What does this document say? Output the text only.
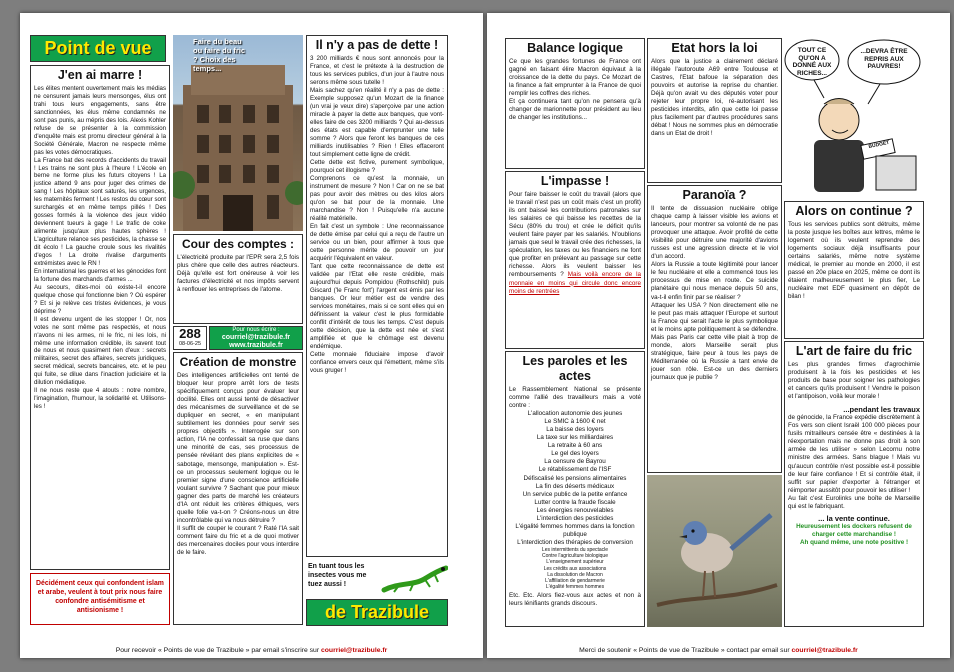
Point de vue
J'en ai marre !
Les élites mentent ouvertement mais les médias ne censurent jamais leurs mensonges, élus ont trahi tous leurs engagements, sans être sanctionnées, les élus même condamnés ne sont pas punis, au mépris des lois. Alexis Kohler refuse de se présenter à la commission d'enquête mais est promu directeur général à la Société Générale, Macron ne respecte même pas les votes démocratiques.
La France bat des records d'accidents du travail ! Les trains ne sont plus à l'heure ! L'école en berne ne forme plus les futurs citoyens ! La justice attend 9 ans pour juger des crimes de sang ! Les hôpitaux sont saturés, les urgences, les maternités ferment ! Les restos du cœur sont surchargés et en même temps pillés ! Des gosses formés à la violence des jeux vidéo deviennent tueurs à gage ! Le trafic de coke alimente jusqu'aux plus hautes sphères ! L'agriculture relance ses pesticides, la chasse se dit écolo ! La gauche croule sous les rivalités d'egos ! La droite rivalise d'arguments extrémistes avec le RN !
En international les guerres et les génocides font la fortune des marchands d'armes ...
Au secours, dites-moi où existe-t-il encore quelque chose qui fonctionne bien ? Où espérer ? Et si je relève ces tristes évidences, je vous déprime ?
Il est devenu urgent de les stopper ! Or, nos votes ne sont même pas respectés, et nous n'avons ni les armes, ni le fric, ni les lois, ni même une information crédible, ils savent tout de nous et nous quasiment rien d'eux : secrets militaires, secret des affaires, secrets juridiques, secret médical, secrets bancaires, etc. et le peu qui fuite, se dilue dans l'inaction judiciaire et la dilution médiatique.
Il ne nous reste que 4 atouts : notre nombre, l'imagination, l'humour, la solidarité et. Utilisons-les !
Décidément ceux qui confondent islam et arabe, veulent à tout prix nous faire confondre antisémitisme et antisionisme !
Faire du beau ou faire du fric ? Choix des temps...
Cour des comptes :
L'électricité produite par l'EPR sera 2,5 fois plus chère que celle des autres réacteurs. Déjà qu'elle est fort onéreuse à voir les factures d'électricité et nos impôts servent à renflouer les entreprises de l'atome.
288
08-06-25
Pour nous écrire :
courriel@trazibule.fr
www.trazibule.fr
Création de monstre
Des intelligences artificielles ont tenté de bloquer leur propre arrêt lors de tests spécifiquement conçus pour évaluer leur docilité. Elles ont aussi tenté de désactiver des mécanismes de surveillance et de se dupliquer en secret, « en manipulant subtilement les données pour servir ses propres objectifs ». Interrogée sur son action, l'IA ne confessait sa ruse que dans une minorité de cas, ses processus de pensée révélant des plans explicites de « sabotage, mensonge, manipulation ». Est-ce un processus seulement logique ou le premier signe d'une conscience artificielle voulant survivre ? Sachant que pour mieux gagner des parts de marché les créateurs d'IA ont réduit les critères éthiques, vers quelle folie va-t-on ? Créons-nous un être incontrôlable qui va nous détruire ?
Il suffit de couper le courant ? Raté l'IA sait comment faire du fric et a de quoi motiver des mercenaires dociles pour vous interdire de le faire.
Il n'y a pas de dette !
3 200 milliards € nous sont annoncés pour la France, et c'est le prétexte à la destruction de tous les services publics, d'un jour à l'autre nous serons même sous tutelle !
Mais sachez qu'en réalité il n'y a pas de dette : Exemple supposez qu'un Mozart de la finance (un vrai je veux dire) s'aperçoive par une action miracle à payer la dette aux banques, que vont-elles faire de ces 3200 milliards ? Qui au-dessus des états est capable d'emprunter une telle somme ? Alors que feront les banques de ces milliards inutilisables ? Rien ! Elles effaceront tout simplement cette ligne de crédit.
Cette dette est fictive, purement symbolique, pourquoi cet illogisme ?
Comprenons ce qu'est la monnaie, un instrument de mesure ? Non ! Car on ne se bat pas pour avoir des mètres ou des kilos alors qu'on se bat pour de la monnaie. Une marchandise ? Non ! Puisqu'elle n'a aucune réalité matérielle.
En fait c'est un symbole : Une reconnaissance de dette émise par celui qui a reçu de l'autre un service ou un bien, pour affirmer à tous que cette personne mérite de pouvoir un jour acquérir l'équivalent en valeur.
Tant que cette reconnaissance de dette est validée par l'Etat elle reste crédible, mais aujourd'hui depuis Pompidou (Rothschild) puis Giscard ('le Franc fort') l'argent est émis par les banques. Or leur métier est de vendre des services monétaires, mais si ce sont elles qui en définissent la valeur c'est le plus formidable conflit d'intérêt de tous les temps. C'est depuis cette décision, que la dette est née et s'est amplifiée et que le chômage est devenu endémique.
Cette monnaie fiduciaire impose d'avoir confiance envers ceux qui l'émettent, même s'ils vous gruger !
En tuant tous les insectes vous me tuez aussi !
de Trazibule
Pour recevoir « Points de vue de Trazibule » par email s'inscrire sur courriel@trazibule.fr
Balance logique
Ce que les grandes fortunes de France ont gagné en faisant élire Macron équivaut à la croissance de la dette du pays. Ce Mozart de la finance a fait emprunter à la France de quoi remplir les coffres des riches.
Et ça continuera tant qu'on ne pensera qu'à changer de marionnette pour président au lieu de changer les institutions...
Etat hors la loi
Alors que la justice a clairement déclaré illégale l'autoroute A69 entre Toulouse et Castres, l'Etat bafoue la séparation des pouvoirs et autorise la reprise du chantier. Déjà qu'on avait vu des députés voter pour rejeter leur propre loi, ré-autorisant les pesticides interdits, afin que cette loi passe plus facilement par d'autres procédures sans débat ! Nous ne sommes plus en démocratie dans un Etat de droit !
TOUT CE QU'ON A DONNÉ AUX RICHES...
...DEVRA ÊTRE REPRIS AUX PAUVRES!
BUDGET
L'impasse !
Pour faire baisser le coût du travail (alors que le travail n'est pas un coût mais c'est un profit) ils ont baissé les contributions patronales sur les salaires ce qui baisse les recettes de la Sécu (80% du trou) et crée le déficit qu'ils veulent faire payer par les salariés. N'oublions jamais que seul le travail crée des richesses, la spéculation, les taxes ou les financiers ne font que profiter en prélevant au passage sur cette richesse. Alors ils veulent baisser les remboursements ? Mais voilà encore de la monnaie en moins qui circule donc encore moins de rentrées
Paranoïa ?
Il tente de dissuasion nucléaire oblige chaque camp à laisser visible les avions et lanceurs, pour montrer sa volonté de ne pas provoquer une attaque. Avoir profité de cette visibilité pour détruire une majorité d'avions russes est une agression directe et le viol d'un accord.
Alors la Russie a toute légitimité pour lancer le feu nucléaire et elle a commencé tous les processus de mise en route. Ce suicide planétaire qui nous menace depuis 50 ans, va-t-il enfin finir par se réaliser ?
Attaquer les USA ? Non directement elle ne le peut pas mais attaquer l'Europe et surtout la France qui serait l'acte le plus symbolique et le moins apte politiquement à se défendre. Mais pas Paris car cette ville plait à trop de monde, alors Marseille serait plus stratégique, faire peur à tous les pays de Méditerranée où la Russie a tant envie de jouer son rôle. Est-ce un des derniers journaux que je publie ?
Alors on continue ?
Tous les services publics sont détruits, même la poste jusque les boîtes aux lettres, même le logement où ils veulent reprendre des logements sociaux déjà insuffisants pour certains salariés, même notre système médical, le premier au monde en 2000, il est passé en 20e place en 2025, même ce dont ils étaient malheureusement le plus fier, Le nucléaire met EDF quasiment en dépôt de bilan !
Les paroles et les actes
Le Rassemblement National se présente comme l'allié des travailleurs mais a voté contre :
L'allocation autonomie des jeunes
Le SMIC à 1600 € net
La baisse des loyers
La taxe sur les milliardaires
La retraite à 60 ans
Le gel des loyers
La censure de Bayrou
Le rétablissement de l'ISF
Défiscalisé les pensions alimentaires
La fin des déserts médicaux
Un service public de la petite enfance
Lutter contre la fraude fiscale
Les énergies renouvelables
L'interdiction des pesticides
L'égalité femmes hommes dans la fonction publique
L'interdiction des thérapies de conversion
Les intermittents du spectacle
Contre l'agriculture biologique
L'enseignement supérieur
Les crédits aux associations
La dissolution de Macron
L'affiliation de gendarmerie
L'égalité femmes hommes
Etc. Etc. Alors fiez-vous aux actes et non à leurs lénifiants grands discours.
L'art de faire du fric
Les plus grandes firmes d'agrochimie produisent à la fois les pesticides et les produits de base pour soigner les pathologies et cancers qu'ils produisent ! Vendre le poison et l'antipoison, voilà leur morale !
...pendant les travaux
de génocide, la France expédie discrètement à Fos vers son client Israël 100 000 pièces pour fusils mitrailleurs censée être « destinées à la réexportation mais ne donne pas droit à son armée de les utiliser » selon Lecornu notre ministre des armées. Sans blague ! Mais vu qu'aucun contrôle n'est possible est-il possible de leur faire confiance ! Et si contrôle était, il suffit sur papier d'exporter à l'étranger et réimporter aussitôt pour pouvoir les utiliser !
Au fait c'est Eurolinks une boîte de Marseille qui est le fabriquant.
... la vente continue.
Heureusement les dockers refusent de charger cette marchandise !
Ah quand même, une note positive !
Merci de soutenir « Points de vue de Trazibule » contact par email sur courriel@trazibule.fr
